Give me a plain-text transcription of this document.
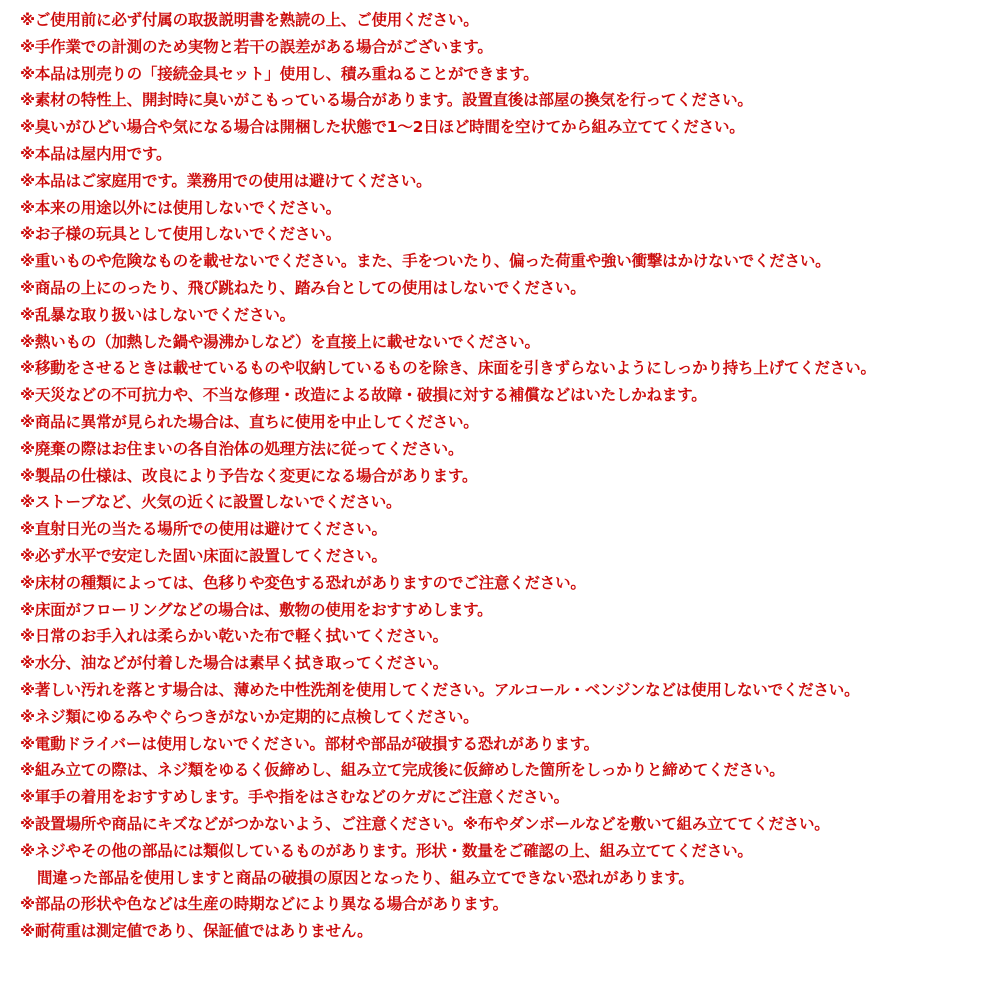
※ご使用前に必ず付属の取扱説明書を熟読の上、ご使用ください。
※手作業での計測のため実物と若干の誤差がある場合がございます。
※本品は別売りの「接続金具セット」使用し、積み重ねることができます。
※素材の特性上、開封時に臭いがこもっている場合があります。設置直後は部屋の換気を行ってください。
※臭いがひどい場合や気になる場合は開梱した状態で1〜2日ほど時間を空けてから組み立ててください。
※本品は屋内用です。
※本品はご家庭用です。業務用での使用は避けてください。
※本来の用途以外には使用しないでください。
※お子様の玩具として使用しないでください。
※重いものや危険なものを載せないでください。また、手をついたり、偏った荷重や強い衝撃はかけないでください。
※商品の上にのったり、飛び跳ねたり、踏み台としての使用はしないでください。
※乱暴な取り扱いはしないでください。
※熱いもの（加熱した鍋や湯沸かしなど）を直接上に載せないでください。
※移動をさせるときは載せているものや収納しているものを除き、床面を引きずらないようにしっかり持ち上げてください。
※天災などの不可抗力や、不当な修理・改造による故障・破損に対する補償などはいたしかねます。
※商品に異常が見られた場合は、直ちに使用を中止してください。
※廃棄の際はお住まいの各自治体の処理方法に従ってください。
※製品の仕様は、改良により予告なく変更になる場合があります。
※ストーブなど、火気の近くに設置しないでください。
※直射日光の当たる場所での使用は避けてください。
※必ず水平で安定した固い床面に設置してください。
※床材の種類によっては、色移りや変色する恐れがありますのでご注意ください。
※床面がフローリングなどの場合は、敷物の使用をおすすめします。
※日常のお手入れは柔らかい乾いた布で軽く拭いてください。
※水分、油などが付着した場合は素早く拭き取ってください。
※著しい汚れを落とす場合は、薄めた中性洗剤を使用してください。アルコール・ベンジンなどは使用しないでください。
※ネジ類にゆるみやぐらつきがないか定期的に点検してください。
※電動ドライバーは使用しないでください。部材や部品が破損する恐れがあります。
※組み立ての際は、ネジ類をゆるく仮締めし、組み立て完成後に仮締めした箇所をしっかりと締めてください。
※軍手の着用をおすすめします。手や指をはさむなどのケガにご注意ください。
※設置場所や商品にキズなどがつかないよう、ご注意ください。※布やダンボールなどを敷いて組み立ててください。
※ネジやその他の部品には類似しているものがあります。形状・数量をご確認の上、組み立ててください。
間違った部品を使用しますと商品の破損の原因となったり、組み立てできない恐れがあります。
※部品の形状や色などは生産の時期などにより異なる場合があります。
※耐荷重は測定値であり、保証値ではありません。
